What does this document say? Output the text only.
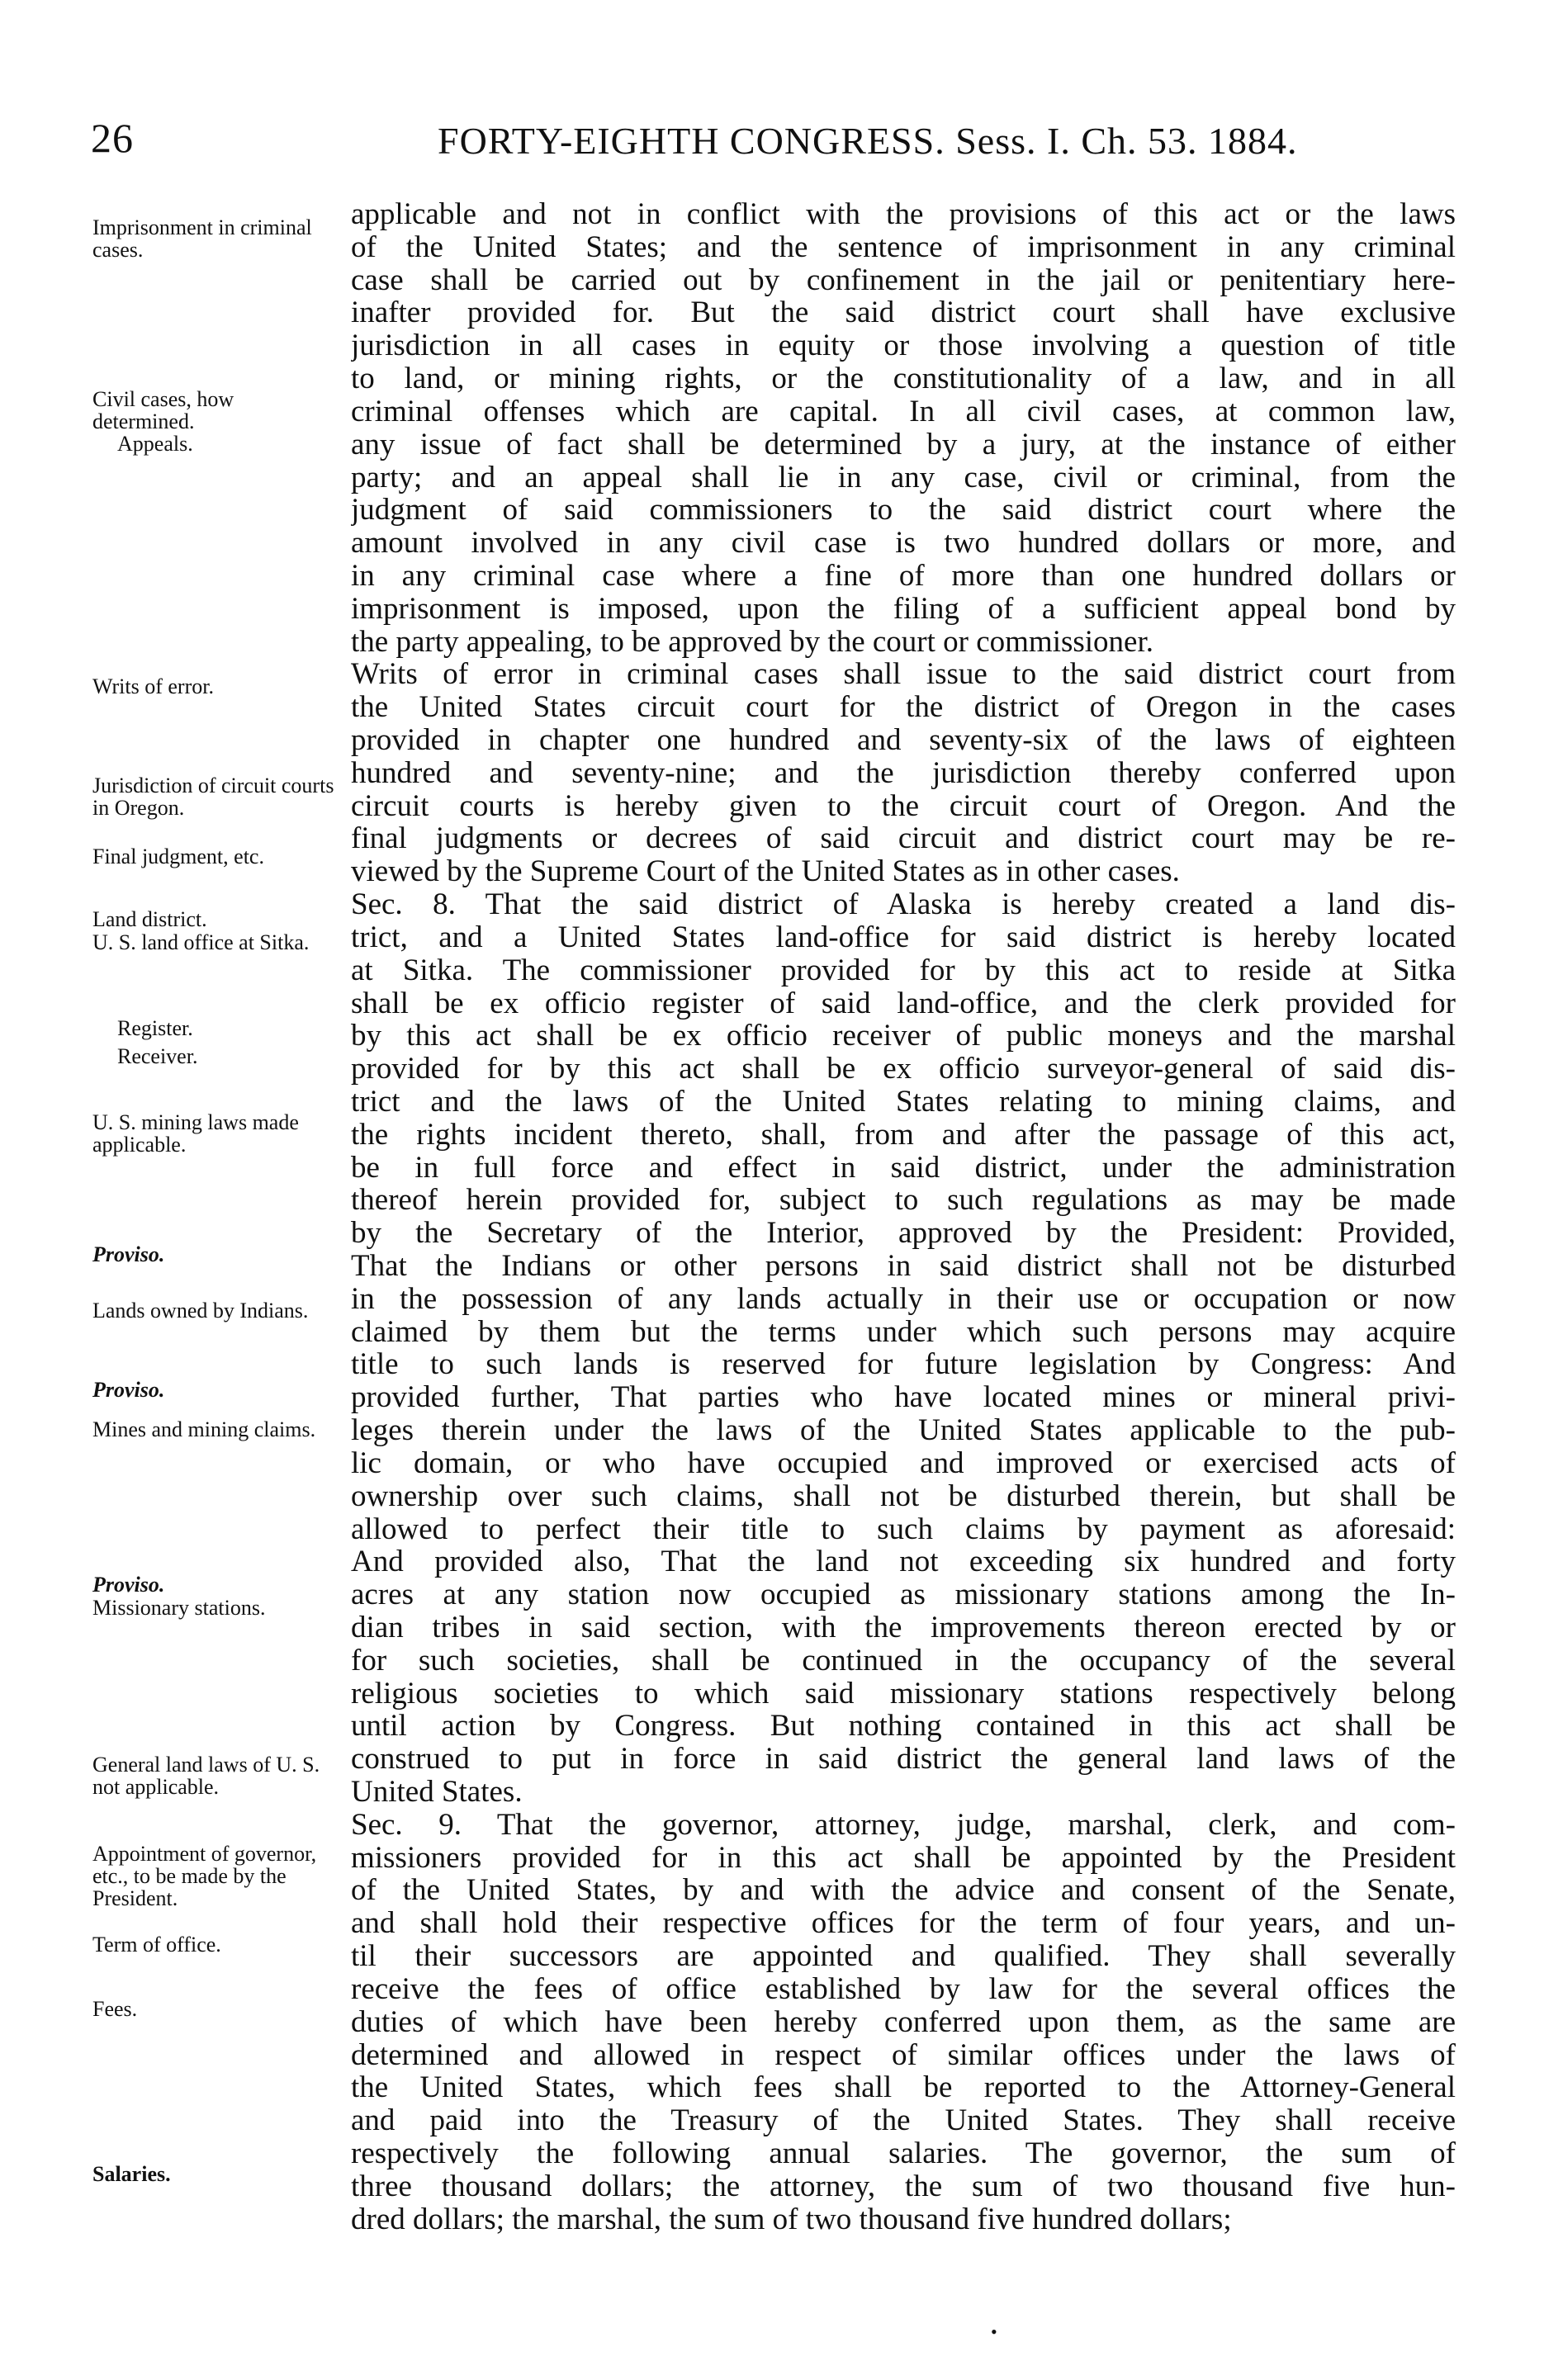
26	FORTY-EIGHTH CONGRESS. Sess. I. Ch. 53. 1884.
Imprisonment in criminal cases.
Civil cases, how determined.
Appeals.
Writs of error.
Jurisdiction of circuit courts in Oregon.
Final judgment, etc.
Land district.
U. S. land office at Sitka.
Register.
Receiver.
U. S. mining laws made applicable.
Proviso.
Lands owned by Indians.
Proviso.
Mines and mining claims.
Proviso.
Missionary stations.
General land laws of U. S. not applicable.
Appointment of governor, etc., to be made by the President.
Term of office.
Fees.
Salaries.
applicable and not in conflict with the provisions of this act or the laws
of the United States; and the sentence of imprisonment in any criminal
case shall be carried out by confinement in the jail or penitentiary here-
inafter provided for. But the said district court shall have exclusive
jurisdiction in all cases in equity or those involving a question of title
to land, or mining rights, or the constitutionality of a law, and in all
criminal offenses which are capital. In all civil cases, at common law,
any issue of fact shall be determined by a jury, at the instance of either
party; and an appeal shall lie in any case, civil or criminal, from the
judgment of said commissioners to the said district court where the
amount involved in any civil case is two hundred dollars or more, and
in any criminal case where a fine of more than one hundred dollars or
imprisonment is imposed, upon the filing of a sufficient appeal bond by
the party appealing, to be approved by the court or commissioner.
Writs of error in criminal cases shall issue to the said district court from
the United States circuit court for the district of Oregon in the cases
provided in chapter one hundred and seventy-six of the laws of eighteen
hundred and seventy-nine; and the jurisdiction thereby conferred upon
circuit courts is hereby given to the circuit court of Oregon. And the
final judgments or decrees of said circuit and district court may be re-
viewed by the Supreme Court of the United States as in other cases.
Sec. 8. That the said district of Alaska is hereby created a land dis-
trict, and a United States land-office for said district is hereby located
at Sitka. The commissioner provided for by this act to reside at Sitka
shall be ex officio register of said land-office, and the clerk provided for
by this act shall be ex officio receiver of public moneys and the marshal
provided for by this act shall be ex officio surveyor-general of said dis-
trict and the laws of the United States relating to mining claims, and
the rights incident thereto, shall, from and after the passage of this act,
be in full force and effect in said district, under the administration
thereof herein provided for, subject to such regulations as may be made
by the Secretary of the Interior, approved by the President: Provided,
That the Indians or other persons in said district shall not be disturbed
in the possession of any lands actually in their use or occupation or now
claimed by them but the terms under which such persons may acquire
title to such lands is reserved for future legislation by Congress: And
provided further, That parties who have located mines or mineral privi-
leges therein under the laws of the United States applicable to the pub-
lic domain, or who have occupied and improved or exercised acts of
ownership over such claims, shall not be disturbed therein, but shall be
allowed to perfect their title to such claims by payment as aforesaid:
And provided also, That the land not exceeding six hundred and forty
acres at any station now occupied as missionary stations among the In-
dian tribes in said section, with the improvements thereon erected by or
for such societies, shall be continued in the occupancy of the several
religious societies to which said missionary stations respectively belong
until action by Congress. But nothing contained in this act shall be
construed to put in force in said district the general land laws of the
United States.
Sec. 9. That the governor, attorney, judge, marshal, clerk, and com-
missioners provided for in this act shall be appointed by the President
of the United States, by and with the advice and consent of the Senate,
and shall hold their respective offices for the term of four years, and un-
til their successors are appointed and qualified. They shall severally
receive the fees of office established by law for the several offices the
duties of which have been hereby conferred upon them, as the same are
determined and allowed in respect of similar offices under the laws of
the United States, which fees shall be reported to the Attorney-General
and paid into the Treasury of the United States. They shall receive
respectively the following annual salaries. The governor, the sum of
three thousand dollars; the attorney, the sum of two thousand five hun-
dred dollars; the marshal, the sum of two thousand five hundred dollars;
•
